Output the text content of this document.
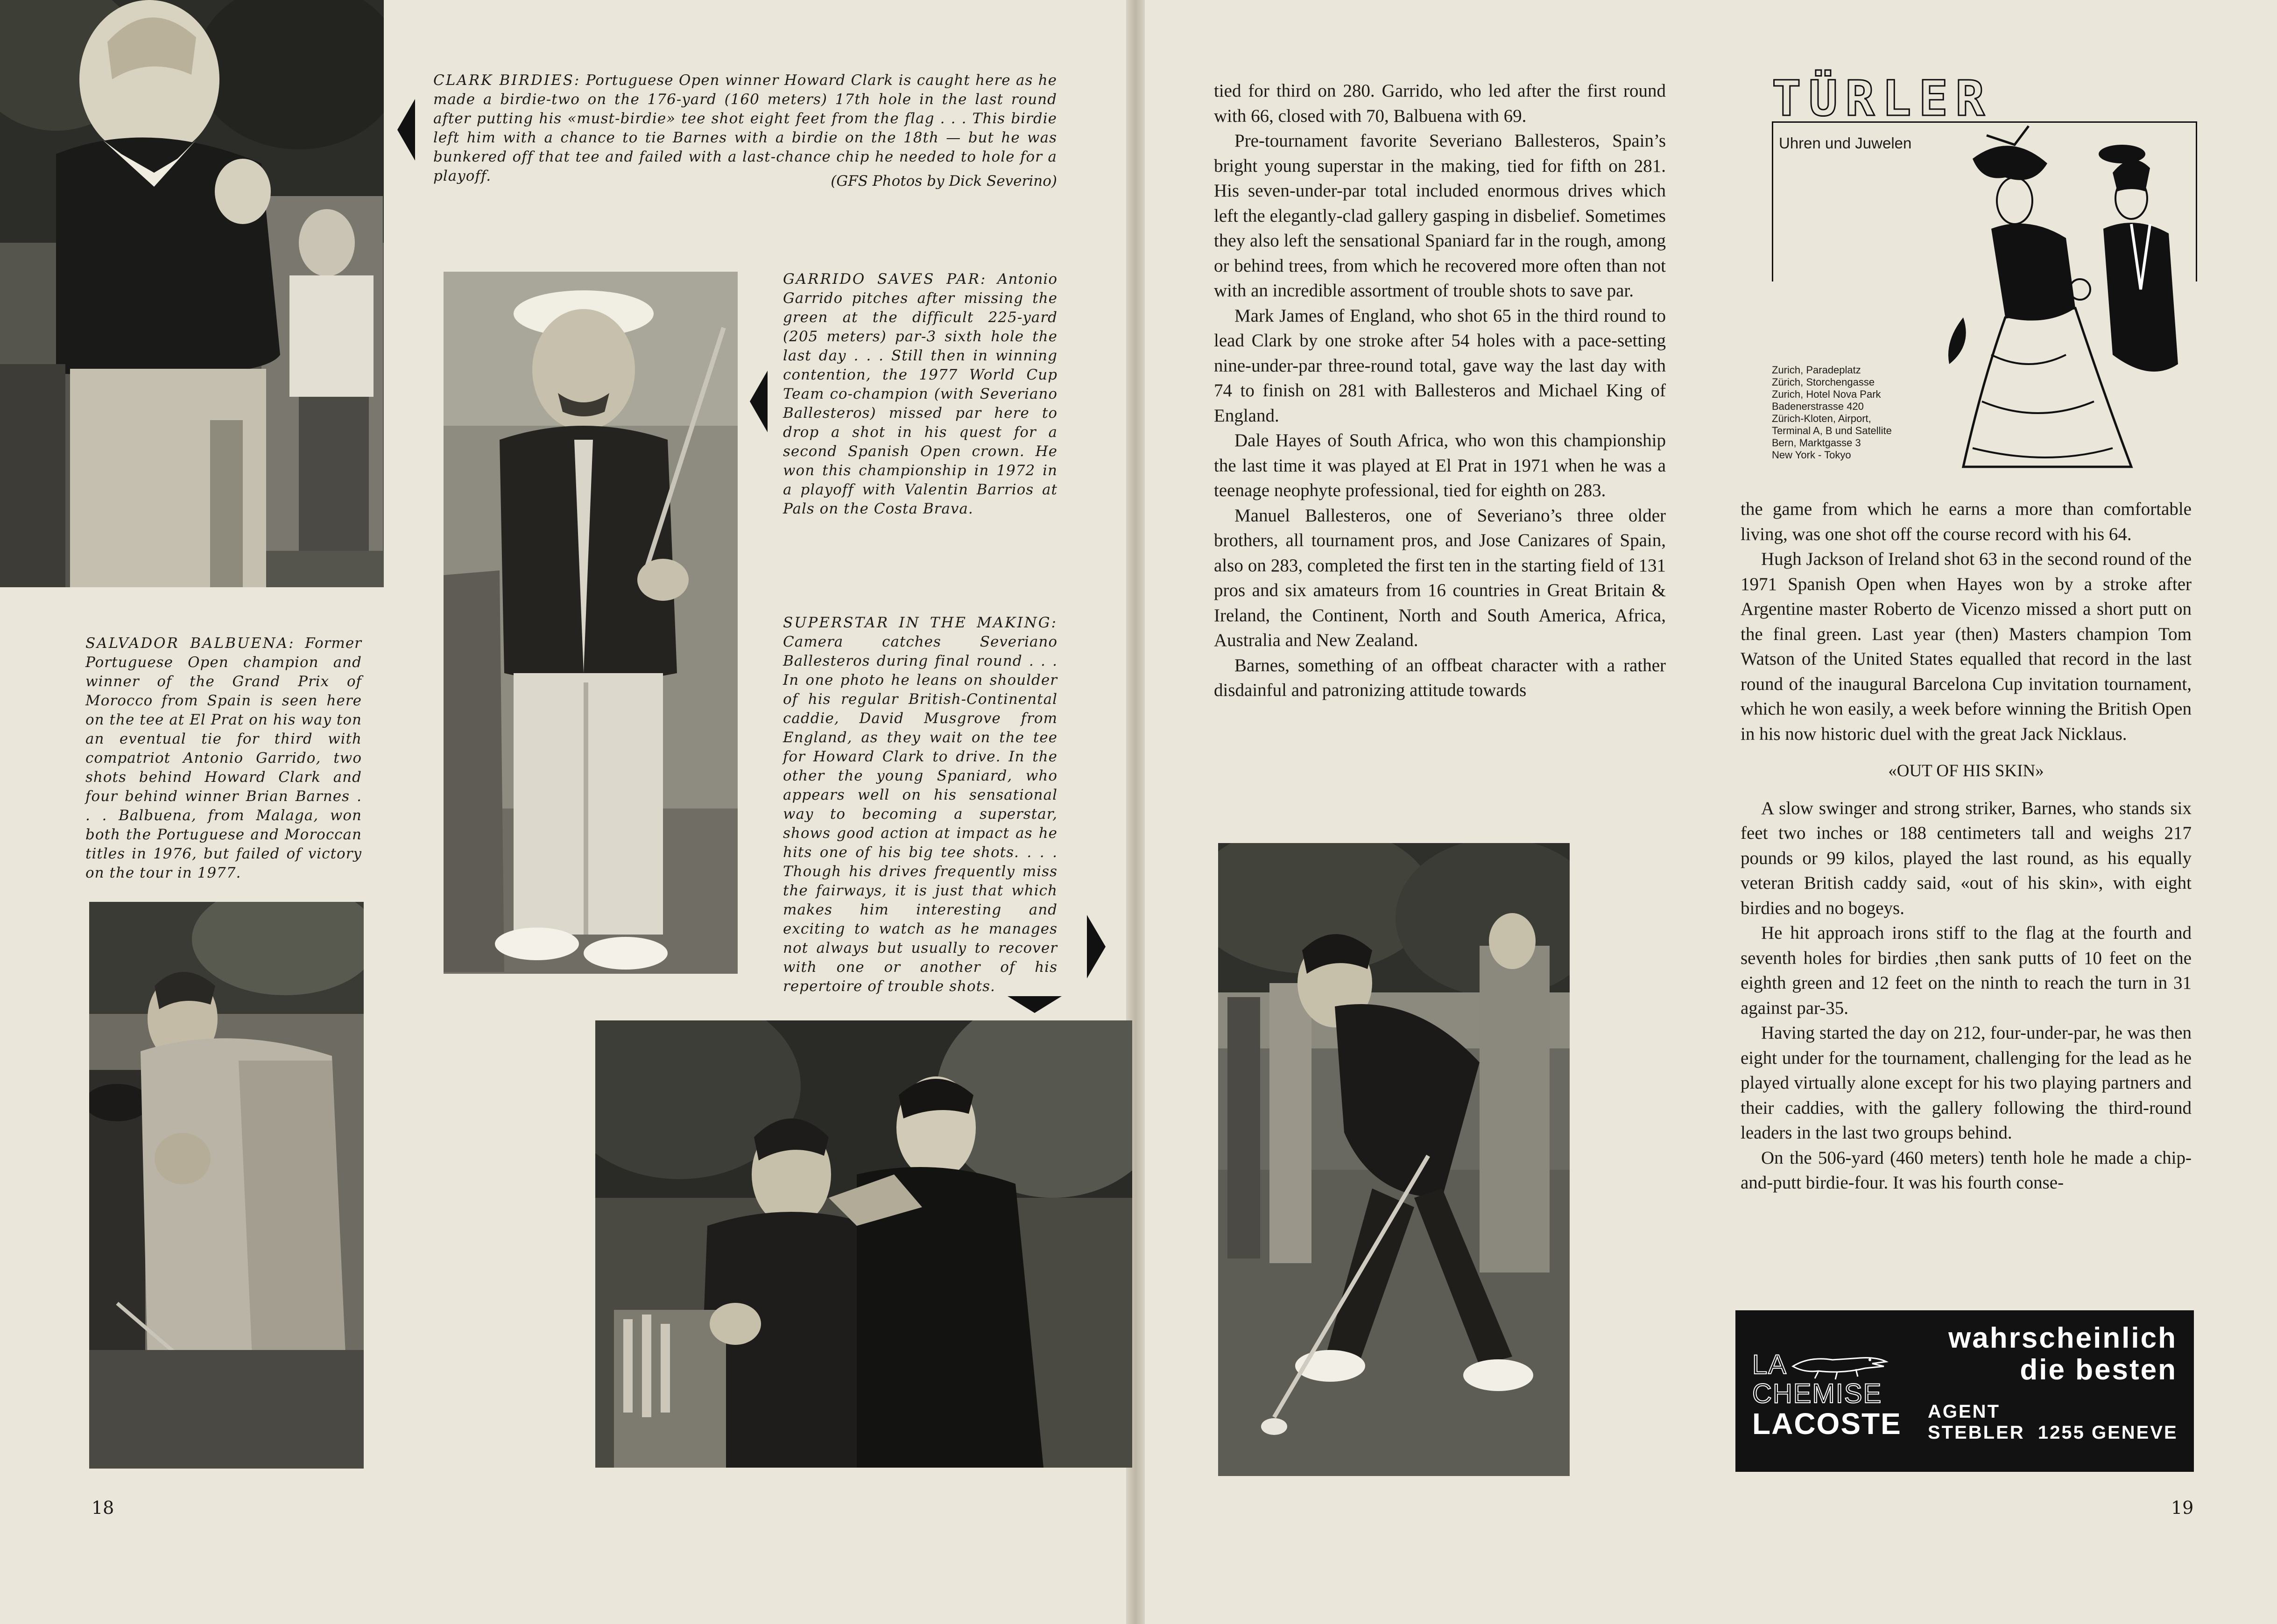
CLARK BIRDIES: Portuguese Open winner Howard Clark is caught here as he made a birdie-two on the 176-yard (160 meters) 17th hole in the last round after putting his «must-birdie» tee shot eight feet from the flag . . . This birdie left him with a chance to tie Barnes with a birdie on the 18th — but he was bunkered off that tee and failed with a last-chance chip he needed to hole for a playoff.	(GFS Photos by Dick Severino)

GARRIDO SAVES PAR: Antonio Garrido pitches after missing the green at the difficult 225-yard (205 meters) par-3 sixth hole the last day . . . Still then in winning contention, the 1977 World Cup Team co-champion (with Severiano Ballesteros) missed par here to drop a shot in his quest for a second Spanish Open crown. He won this championship in 1972 in a playoff with Valentin Barrios at Pals on the Costa Brava.

SALVADOR BALBUENA: Former Portuguese Open champion and winner of the Grand Prix of Morocco from Spain is seen here on the tee at El Prat on his way ton an eventual tie for third with compatriot Antonio Garrido, two shots behind Howard Clark and four behind winner Brian Barnes . . . Balbuena, from Malaga, won both the Portuguese and Moroccan titles in 1976, but failed of victory on the tour in 1977.

SUPERSTAR IN THE MAKING: Camera catches Severiano Ballesteros during final round . . . In one photo he leans on shoulder of his regular British-Continental caddie, David Musgrove from England, as they wait on the tee for Howard Clark to drive. In the other the young Spaniard, who appears well on his sensational way to becoming a superstar, shows good action at impact as he hits one of his big tee shots. . . . Though his drives frequently miss the fairways, it is just that which makes him interesting and exciting to watch as he manages not always but usually to recover with one or another of his repertoire of trouble shots.

18

tied for third on 280. Garrido, who led after the first round with 66, closed with 70, Balbuena with 69.

Pre-tournament favorite Severiano Ballesteros, Spain’s bright young superstar in the making, tied for fifth on 281. His seven-under-par total included enormous drives which left the elegantly-clad gallery gasping in disbelief. Sometimes they also left the sensational Spaniard far in the rough, among or behind trees, from which he recovered more often than not with an incredible assortment of trouble shots to save par.

Mark James of England, who shot 65 in the third round to lead Clark by one stroke after 54 holes with a pace-setting nine-under-par three-round total, gave way the last day with 74 to finish on 281 with Ballesteros and Michael King of England.

Dale Hayes of South Africa, who won this championship the last time it was played at El Prat in 1971 when he was a teenage neophyte professional, tied for eighth on 283.

Manuel Ballesteros, one of Severiano’s three older brothers, all tournament pros, and Jose Canizares of Spain, also on 283, completed the first ten in the starting field of 131 pros and six amateurs from 16 countries in Great Britain & Ireland, the Continent, North and South America, Africa, Australia and New Zealand.

Barnes, something of an offbeat character with a rather disdainful and patronizing attitude towards

TÜRLER
Uhren und Juwelen
Zurich, Paradeplatz
Zürich, Storchengasse
Zurich, Hotel Nova Park
Badenerstrasse 420
Zürich-Kloten, Airport,
Terminal A, B und Satellite
Bern, Marktgasse 3
New York - Tokyo

the game from which he earns a more than comfortable living, was one shot off the course record with his 64.

Hugh Jackson of Ireland shot 63 in the second round of the 1971 Spanish Open when Hayes won by a stroke after Argentine master Roberto de Vicenzo missed a short putt on the final green. Last year (then) Masters champion Tom Watson of the United States equalled that record in the last round of the inaugural Barcelona Cup invitation tournament, which he won easily, a week before winning the British Open in his now historic duel with the great Jack Nicklaus.

«OUT OF HIS SKIN»

A slow swinger and strong striker, Barnes, who stands six feet two inches or 188 centimeters tall and weighs 217 pounds or 99 kilos, played the last round, as his equally veteran British caddy said, «out of his skin», with eight birdies and no bogeys.

He hit approach irons stiff to the flag at the fourth and seventh holes for birdies ,then sank putts of 10 feet on the eighth green and 12 feet on the ninth to reach the turn in 31 against par-35.

Having started the day on 212, four-under-par, he was then eight under for the tournament, challenging for the lead as he played virtually alone except for his two playing partners and their caddies, with the gallery following the third-round leaders in the last two groups behind.

On the 506-yard (460 meters) tenth hole he made a chip-and-putt birdie-four. It was his fourth conse-

LA
CHEMISE
LACOSTE
wahrscheinlich
die besten
AGENT
STEBLER  1255 GENEVE
19
